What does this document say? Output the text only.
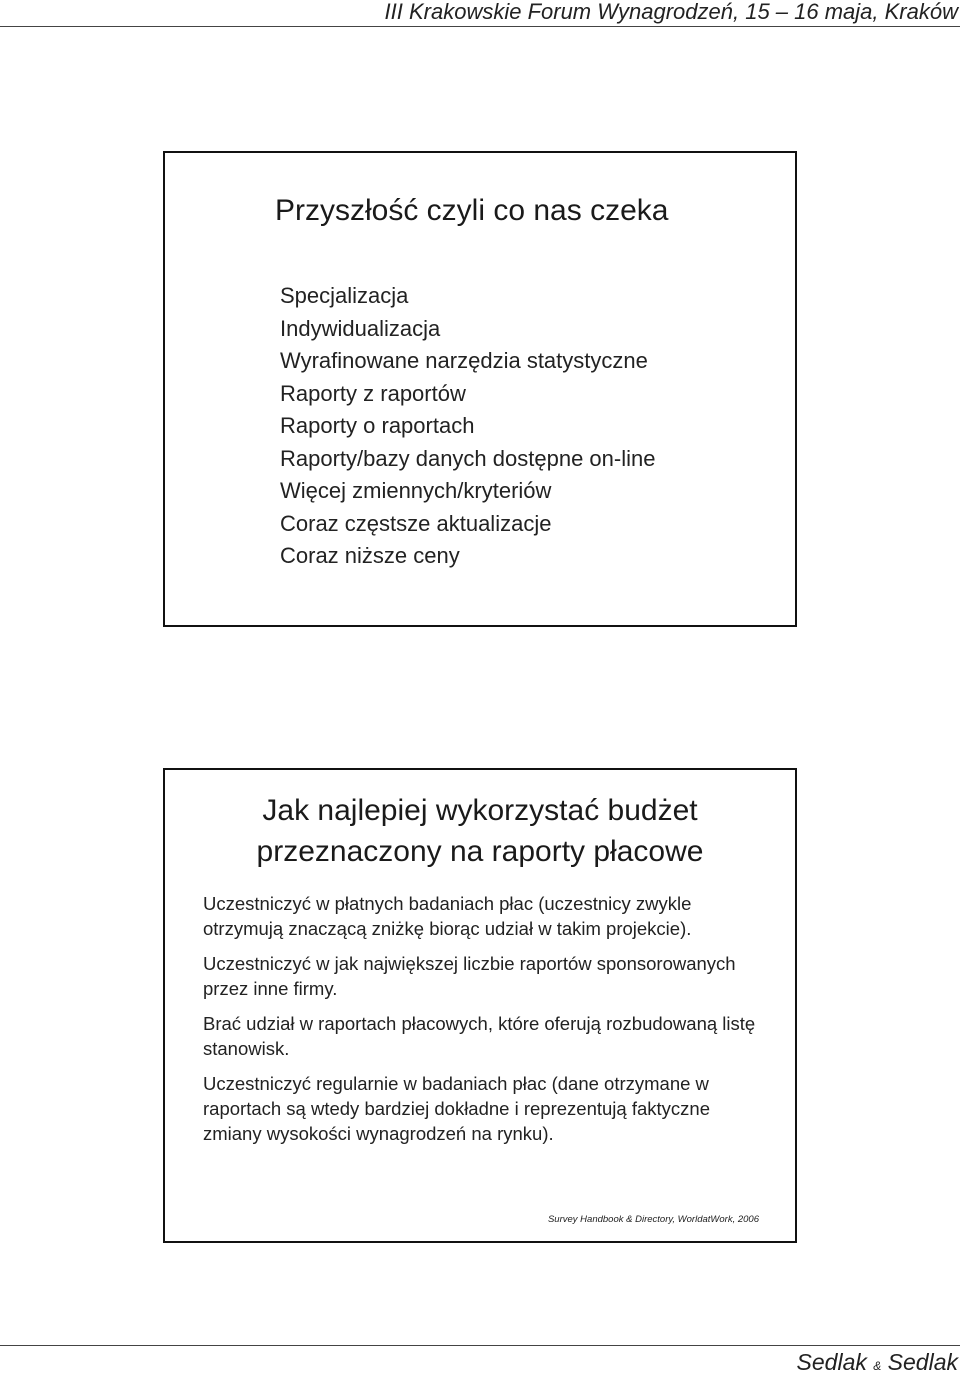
III Krakowskie Forum Wynagrodzeń, 15 – 16 maja, Kraków
Przyszłość czyli co nas czeka
Specjalizacja
Indywidualizacja
Wyrafinowane narzędzia statystyczne
Raporty z raportów
Raporty o raportach
Raporty/bazy danych dostępne on-line
Więcej zmiennych/kryteriów
Coraz częstsze aktualizacje
Coraz niższe ceny
Jak najlepiej wykorzystać budżet
przeznaczony na raporty płacowe

Uczestniczyć w płatnych badaniach płac (uczestnicy zwykle otrzymują znaczącą zniżkę biorąc udział w takim projekcie).

Uczestniczyć w jak największej liczbie raportów sponsorowanych przez inne firmy.

Brać udział w raportach płacowych, które oferują rozbudowaną listę stanowisk.

Uczestniczyć regularnie w badaniach płac (dane otrzymane w raportach są wtedy bardziej dokładne i reprezentują faktyczne zmiany wysokości wynagrodzeń na rynku).

Survey Handbook & Directory, WorldatWork, 2006
Sedlak & Sedlak
